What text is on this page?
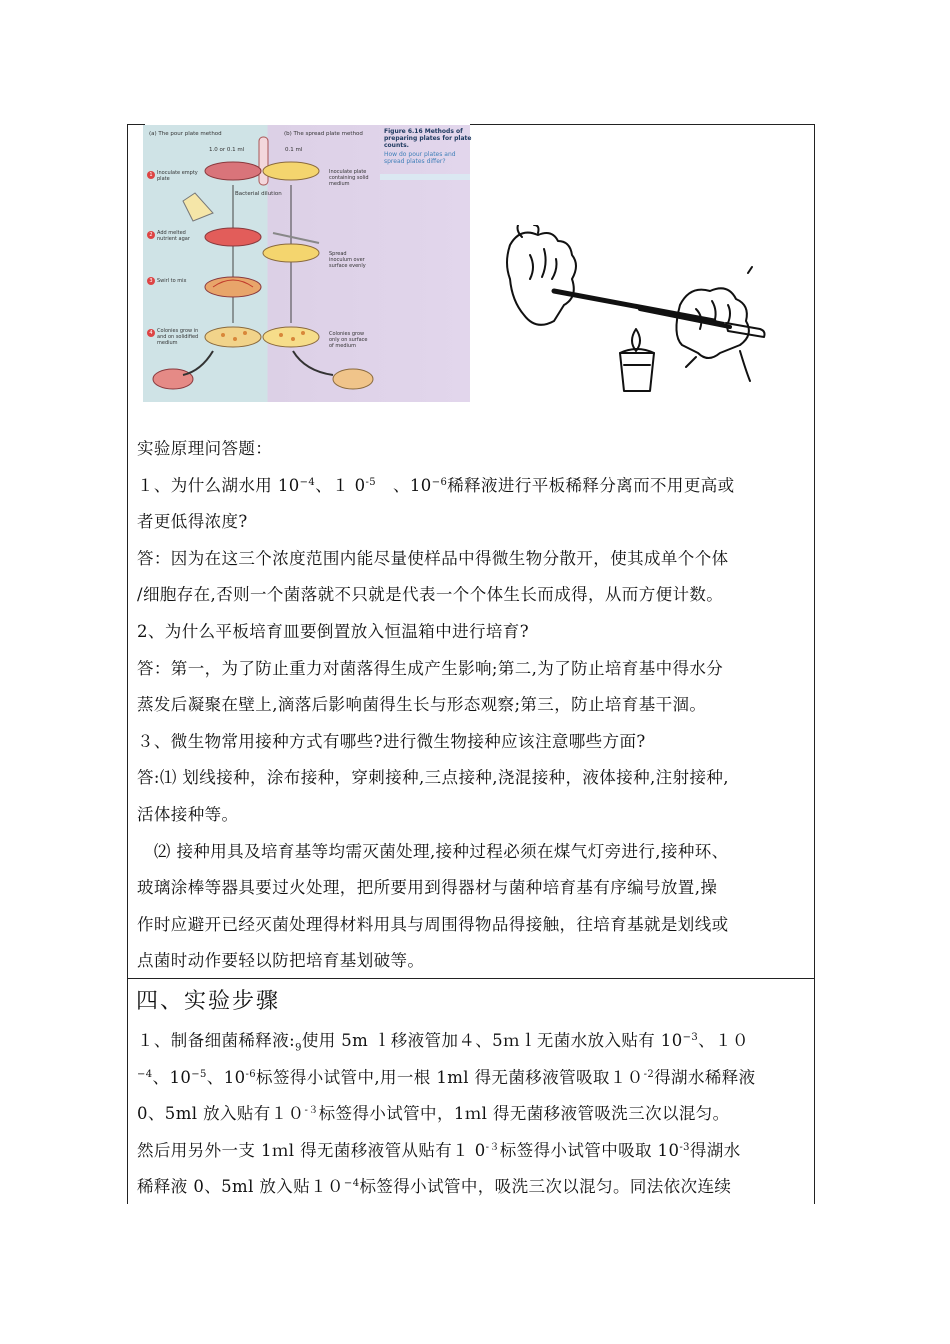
(a) The pour plate method	(b) The spread plate method
1.0 or 0.1 ml	0.1 ml
Bacterial dilution
1 Inoculate empty plate
2 Add melted nutrient agar
3 Swirl to mix
4 Colonies grow in and on solidified medium
Inoculate plate containing solid medium
Spread inoculum over surface evenly
Colonies grow only on surface of medium
Figure 6.16 Methods of preparing plates for plate counts.
How do pour plates and spread plates differ?
实验原理问答题：
１、为什么湖水用 $10^{-4}$、１ $0^{-5}$　、$10^{-6}$稀释液进行平板稀释分离而不用更高或
者更低得浓度?
答：因为在这三个浓度范围内能尽量使样品中得微生物分散开，使其成单个个体
/细胞存在,否则一个菌落就不只就是代表一个个体生长而成得，从而方便计数。
2、为什么平板培育皿要倒置放入恒温箱中进行培育?
答：第一，为了防止重力对菌落得生成产生影响;第二,为了防止培育基中得水分
蒸发后凝聚在壁上,滴落后影响菌得生长与形态观察;第三，防止培育基干涸。
３、微生物常用接种方式有哪些?进行微生物接种应该注意哪些方面?
答:⑴ 划线接种，涂布接种，穿刺接种,三点接种,浇混接种，液体接种,注射接种,
活体接种等。
　⑵ 接种用具及培育基等均需灭菌处理,接种过程必须在煤气灯旁进行,接种环、
玻璃涂棒等器具要过火处理，把所要用到得器材与菌种培育基有序编号放置,操
作时应避开已经灭菌处理得材料用具与周围得物品得接触，往培育基就是划线或
点菌时动作要轻以防把培育基划破等。
四、实验步骤
１、制备细菌稀释液$:_9$使用 5m ｌ移液管加４、5ｍｌ无菌水放入贴有 $10^{-3}$、１０
$^{-4}$、$10^{-5}$、$10^{-6}$标签得小试管中,用一根 1ml 得无菌移液管吸取$10^{-2}$得湖水稀释液
0、5ml 放入贴有$10^{-3}$标签得小试管中，1ｍl 得无菌移液管吸洗三次以混匀。
然后用另外一支 1ｍl 得无菌移液管从贴有１ $0^{-3}$标签得小试管中吸取 $10^{-3}$得湖水
稀释液 0、5ml 放入贴$10^{-4}$标签得小试管中，吸洗三次以混匀。同法依次连续
